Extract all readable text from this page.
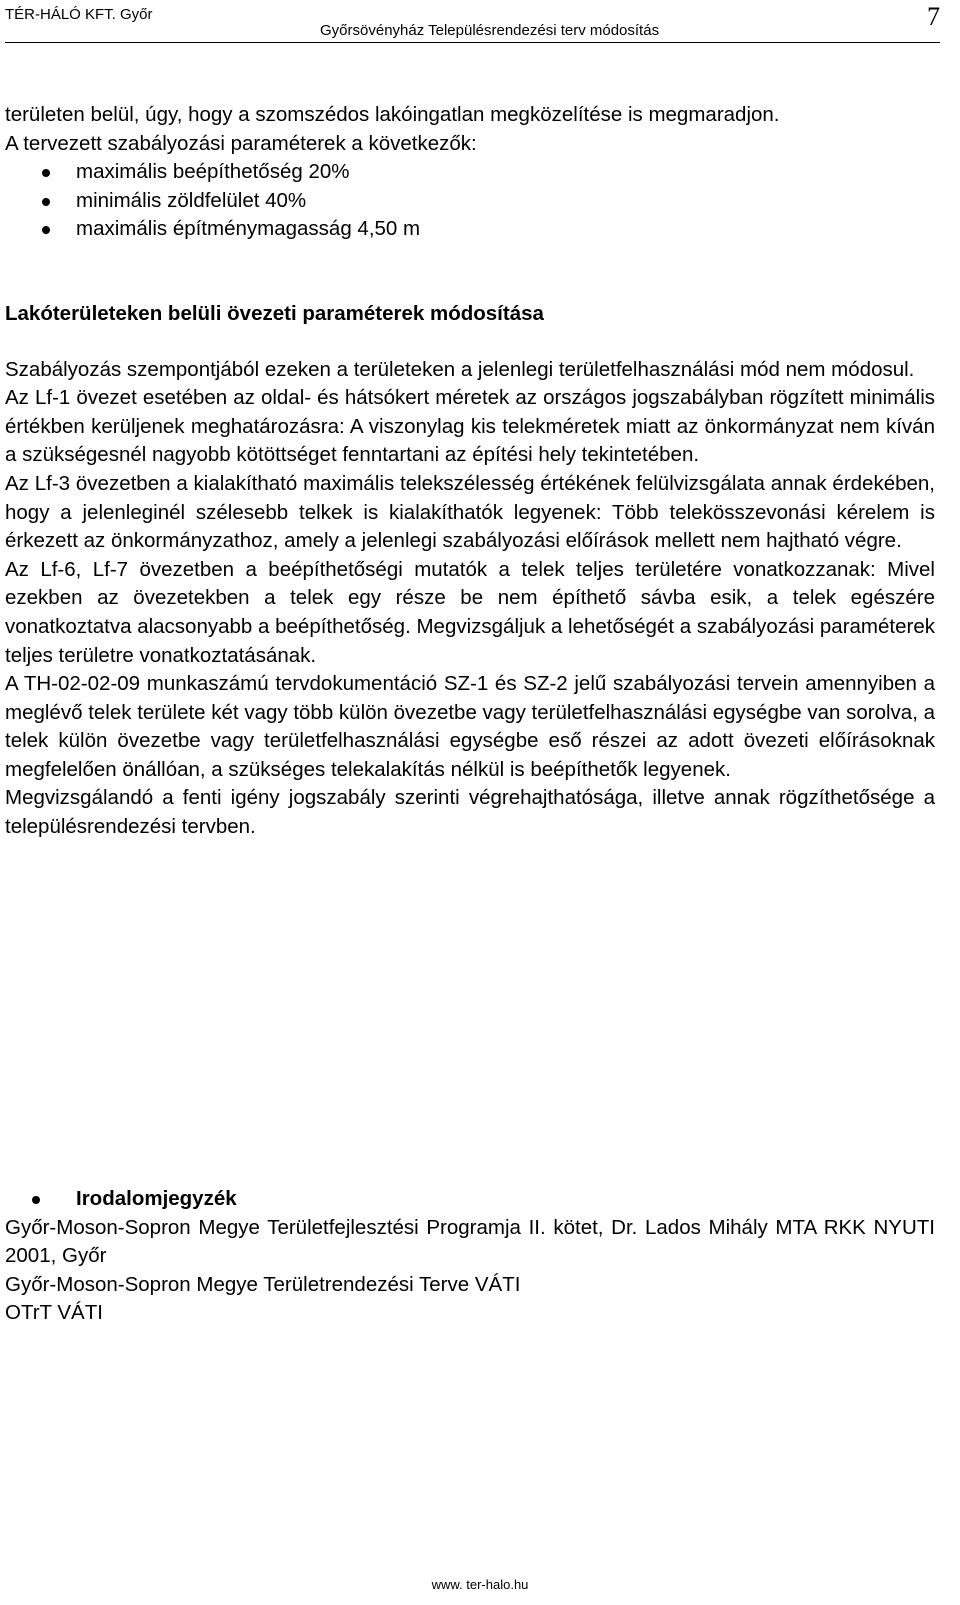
TÉR-HÁLÓ KFT. Győr
Győrsövényház Településrendezési terv módosítás	7

területen belül, úgy, hogy a szomszédos lakóingatlan megközelítése is megmaradjon.

A tervezett szabályozási paraméterek a következők:

maximális beépíthetőség 20%
minimális zöldfelület 40%
maximális építménymagasság 4,50 m

Lakóterületeken belüli övezeti paraméterek módosítása

Szabályozás szempontjából ezeken a területeken a jelenlegi területfelhasználási mód nem módosul.

Az Lf-1 övezet esetében az oldal- és hátsókert méretek az országos jogszabályban rögzített minimális értékben kerüljenek meghatározásra: A viszonylag kis telekméretek miatt az önkormányzat nem kíván a szükségesnél nagyobb kötöttséget fenntartani az építési hely tekintetében.

Az Lf-3 övezetben a kialakítható maximális telekszélesség értékének felülvizsgálata annak érdekében, hogy a jelenleginél szélesebb telkek is kialakíthatók legyenek: Több telekösszevonási kérelem is érkezett az önkormányzathoz, amely a jelenlegi szabályozási előírások mellett nem hajtható végre.

Az Lf-6, Lf-7 övezetben a beépíthetőségi mutatók a telek teljes területére vonatkozzanak: Mivel ezekben az övezetekben a telek egy része be nem építhető sávba esik, a telek egészére vonatkoztatva alacsonyabb a beépíthetőség. Megvizsgáljuk a lehetőségét a szabályozási paraméterek teljes területre vonatkoztatásának.

A TH-02-02-09 munkaszámú tervdokumentáció SZ-1 és SZ-2 jelű szabályozási tervein amennyiben a meglévő telek területe két vagy több külön övezetbe vagy területfelhasználási egységbe van sorolva, a telek külön övezetbe vagy területfelhasználási egységbe eső részei az adott övezeti előírásoknak megfelelően önállóan, a szükséges telekalakítás nélkül is beépíthetők legyenek.

Megvizsgálandó a fenti igény jogszabály szerinti végrehajthatósága, illetve annak rögzíthetősége a településrendezési tervben.

Irodalomjegyzék

Győr-Moson-Sopron Megye Területfejlesztési Programja II. kötet, Dr. Lados Mihály MTA RKK NYUTI 2001, Győr

Győr-Moson-Sopron Megye Területrendezési Terve VÁTI

OTrT VÁTI

www. ter-halo.hu
